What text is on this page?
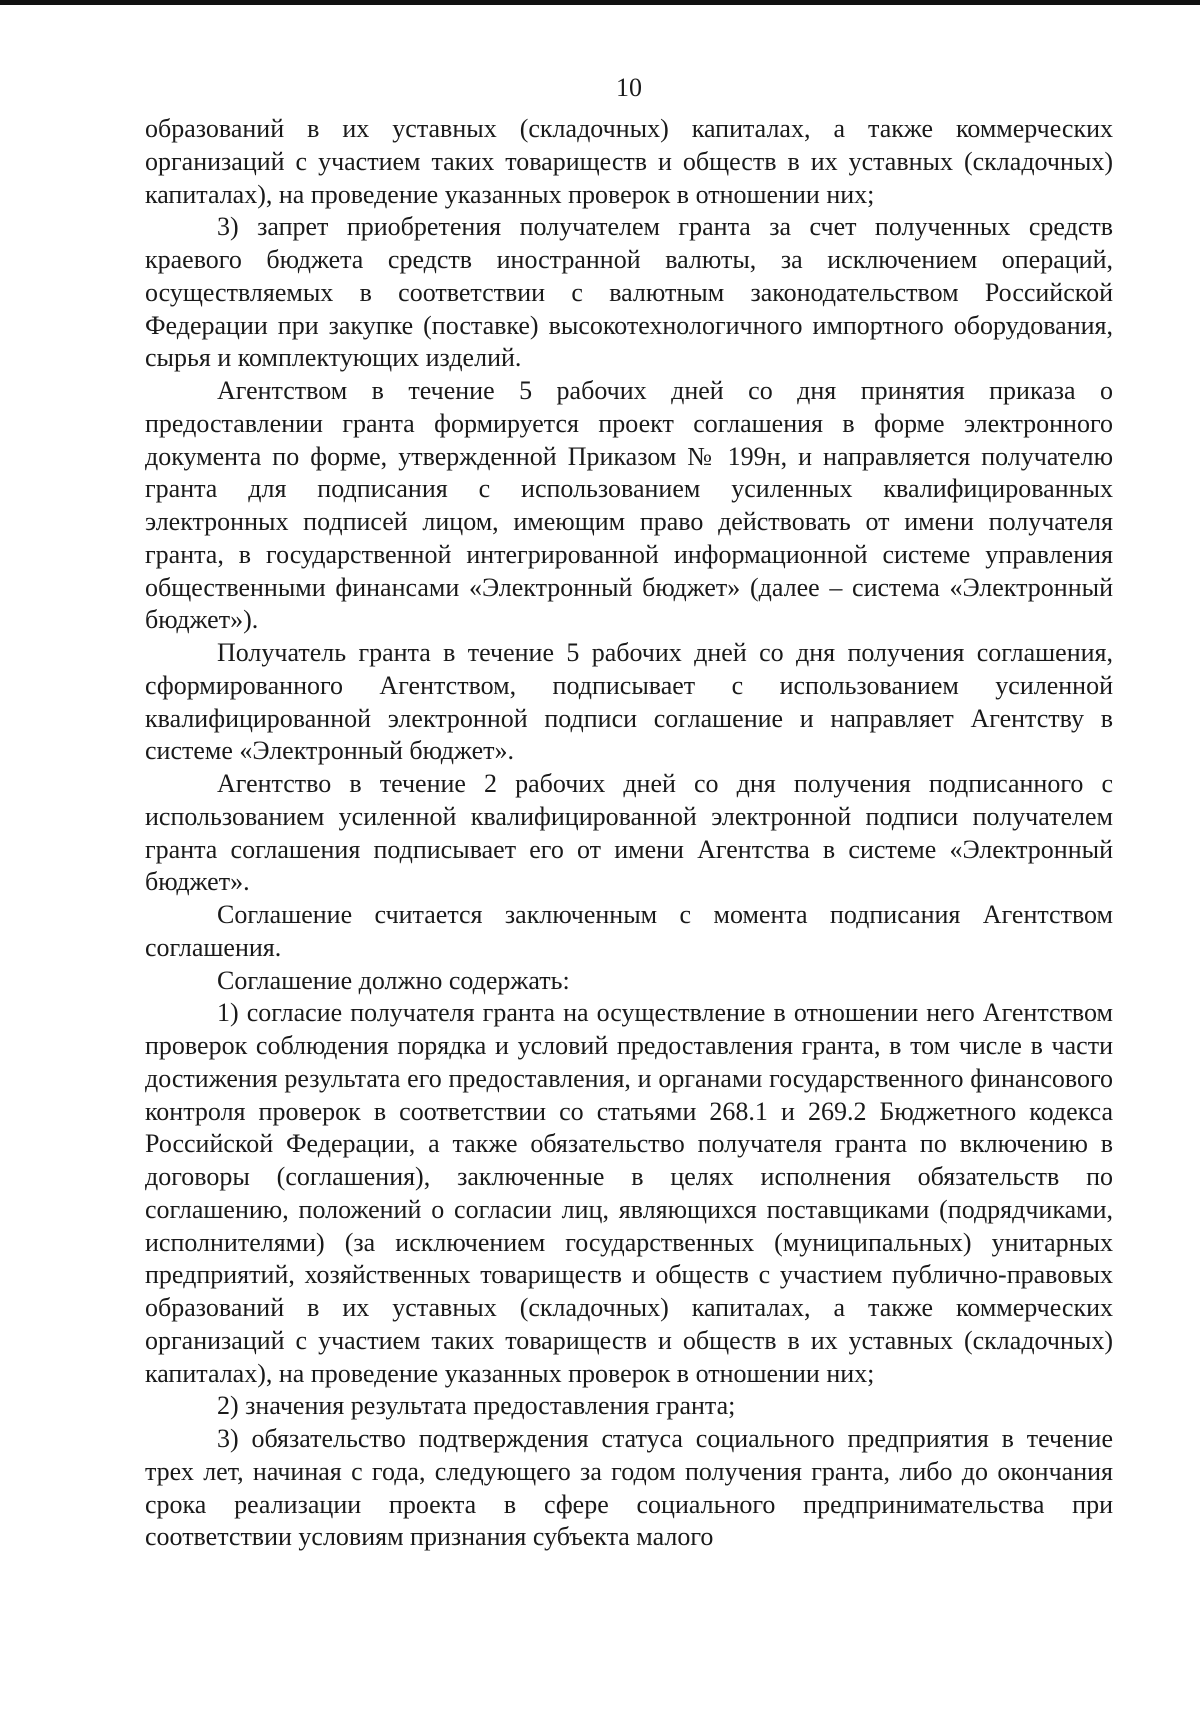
10

образований в их уставных (складочных) капиталах, а также коммерческих организаций с участием таких товариществ и обществ в их уставных (складочных) капиталах), на проведение указанных проверок в отношении них;

3) запрет приобретения получателем гранта за счет полученных средств краевого бюджета средств иностранной валюты, за исключением операций, осуществляемых в соответствии с валютным законодательством Российской Федерации при закупке (поставке) высокотехнологичного импортного оборудования, сырья и комплектующих изделий.

Агентством в течение 5 рабочих дней со дня принятия приказа о предоставлении гранта формируется проект соглашения в форме электронного документа по форме, утвержденной Приказом № 199н, и направляется получателю гранта для подписания с использованием усиленных квалифицированных электронных подписей лицом, имеющим право действовать от имени получателя гранта, в государственной интегрированной информационной системе управления общественными финансами «Электронный бюджет» (далее – система «Электронный бюджет»).

Получатель гранта в течение 5 рабочих дней со дня получения соглашения, сформированного Агентством, подписывает с использованием усиленной квалифицированной электронной подписи соглашение и направляет Агентству в системе «Электронный бюджет».

Агентство в течение 2 рабочих дней со дня получения подписанного с использованием усиленной квалифицированной электронной подписи получателем гранта соглашения подписывает его от имени Агентства в системе «Электронный бюджет».

Соглашение считается заключенным с момента подписания Агентством соглашения.

Соглашение должно содержать:

1) согласие получателя гранта на осуществление в отношении него Агентством проверок соблюдения порядка и условий предоставления гранта, в том числе в части достижения результата его предоставления, и органами государственного финансового контроля проверок в соответствии со статьями 268.1 и 269.2 Бюджетного кодекса Российской Федерации, а также обязательство получателя гранта по включению в договоры (соглашения), заключенные в целях исполнения обязательств по соглашению, положений о согласии лиц, являющихся поставщиками (подрядчиками, исполнителями) (за исключением государственных (муниципальных) унитарных предприятий, хозяйственных товариществ и обществ с участием публично-правовых образований в их уставных (складочных) капиталах, а также коммерческих организаций с участием таких товариществ и обществ в их уставных (складочных) капиталах), на проведение указанных проверок в отношении них;

2) значения результата предоставления гранта;

3) обязательство подтверждения статуса социального предприятия в течение трех лет, начиная с года, следующего за годом получения гранта, либо до окончания срока реализации проекта в сфере социального предпринимательства при соответствии условиям признания субъекта малого
